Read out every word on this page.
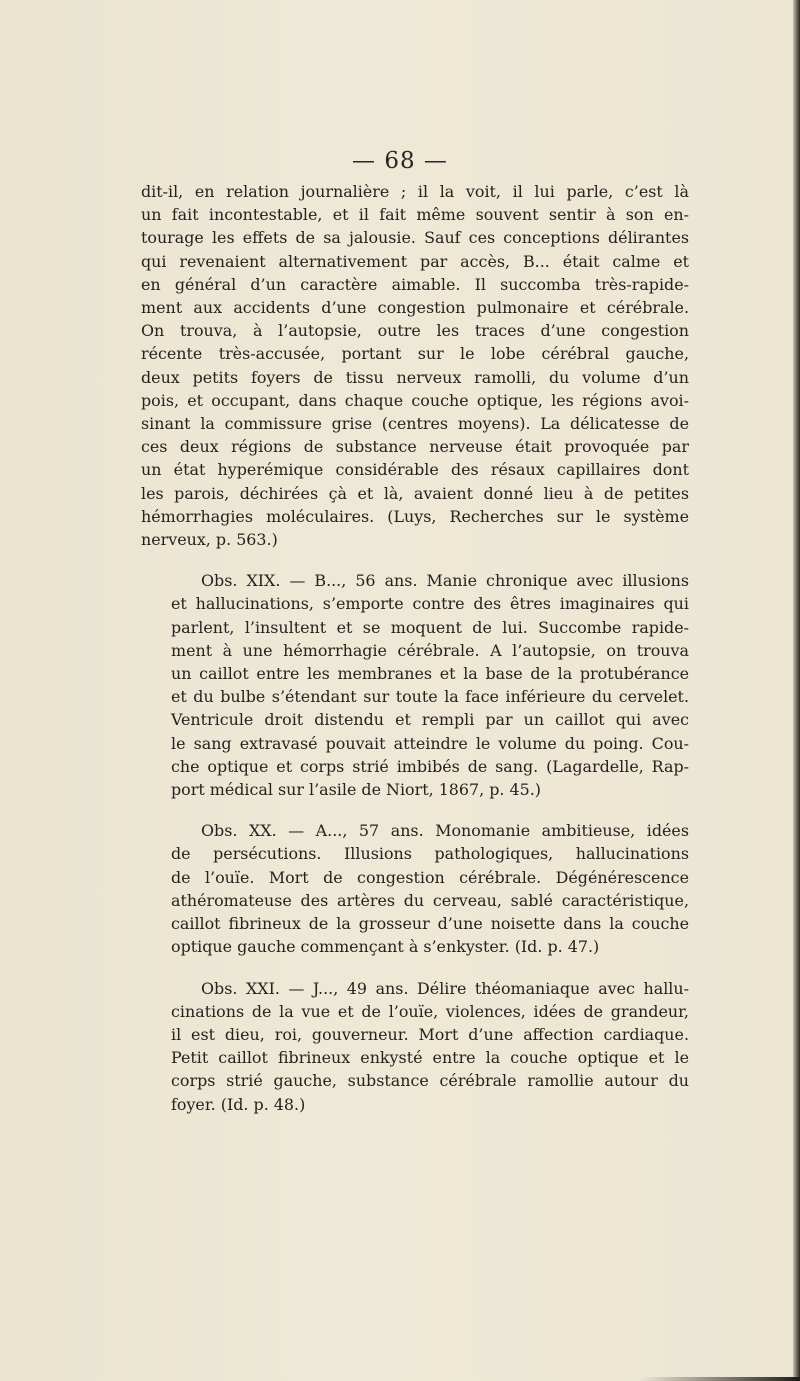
— 68 —

dit-il, en relation journalière ; il la voit, il lui parle, c’est là
un fait incontestable, et il fait même souvent sentir à son en-
tourage les effets de sa jalousie. Sauf ces conceptions délirantes
qui revenaient alternativement par accès, B... était calme et
en général d’un caractère aimable. Il succomba très-rapide-
ment aux accidents d’une congestion pulmonaire et cérébrale.
On trouva, à l’autopsie, outre les traces d’une congestion
récente très-accusée, portant sur le lobe cérébral gauche,
deux petits foyers de tissu nerveux ramolli, du volume d’un
pois, et occupant, dans chaque couche optique, les régions avoi-
sinant la commissure grise (centres moyens). La délicatesse de
ces deux régions de substance nerveuse était provoquée par
un état hyperémique considérable des résaux capillaires dont
les parois, déchirées çà et là, avaient donné lieu à de petites
hémorrhagies moléculaires. (Luys, Recherches sur le système
nerveux, p. 563.)
Obs. XIX. — B..., 56 ans. Manie chronique avec illusions
et hallucinations, s’emporte contre des êtres imaginaires qui
parlent, l’insultent et se moquent de lui. Succombe rapide-
ment à une hémorrhagie cérébrale. A l’autopsie, on trouva
un caillot entre les membranes et la base de la protubérance
et du bulbe s’étendant sur toute la face inférieure du cervelet.
Ventricule droit distendu et rempli par un caillot qui avec
le sang extravasé pouvait atteindre le volume du poing. Cou-
che optique et corps strié imbibés de sang. (Lagardelle, Rap-
port médical sur l’asile de Niort, 1867, p. 45.)
Obs. XX. — A..., 57 ans. Monomanie ambitieuse, idées
de persécutions. Illusions pathologiques, hallucinations
de l’ouïe. Mort de congestion cérébrale. Dégénérescence
athéromateuse des artères du cerveau, sablé caractéristique,
caillot fibrineux de la grosseur d’une noisette dans la couche
optique gauche commençant à s’enkyster. (Id. p. 47.)
Obs. XXI. — J..., 49 ans. Délire théomaniaque avec hallu-
cinations de la vue et de l’ouïe, violences, idées de grandeur,
il est dieu, roi, gouverneur. Mort d’une affection cardiaque.
Petit caillot fibrineux enkysté entre la couche optique et le
corps strié gauche, substance cérébrale ramollie autour du
foyer. (Id. p. 48.)
